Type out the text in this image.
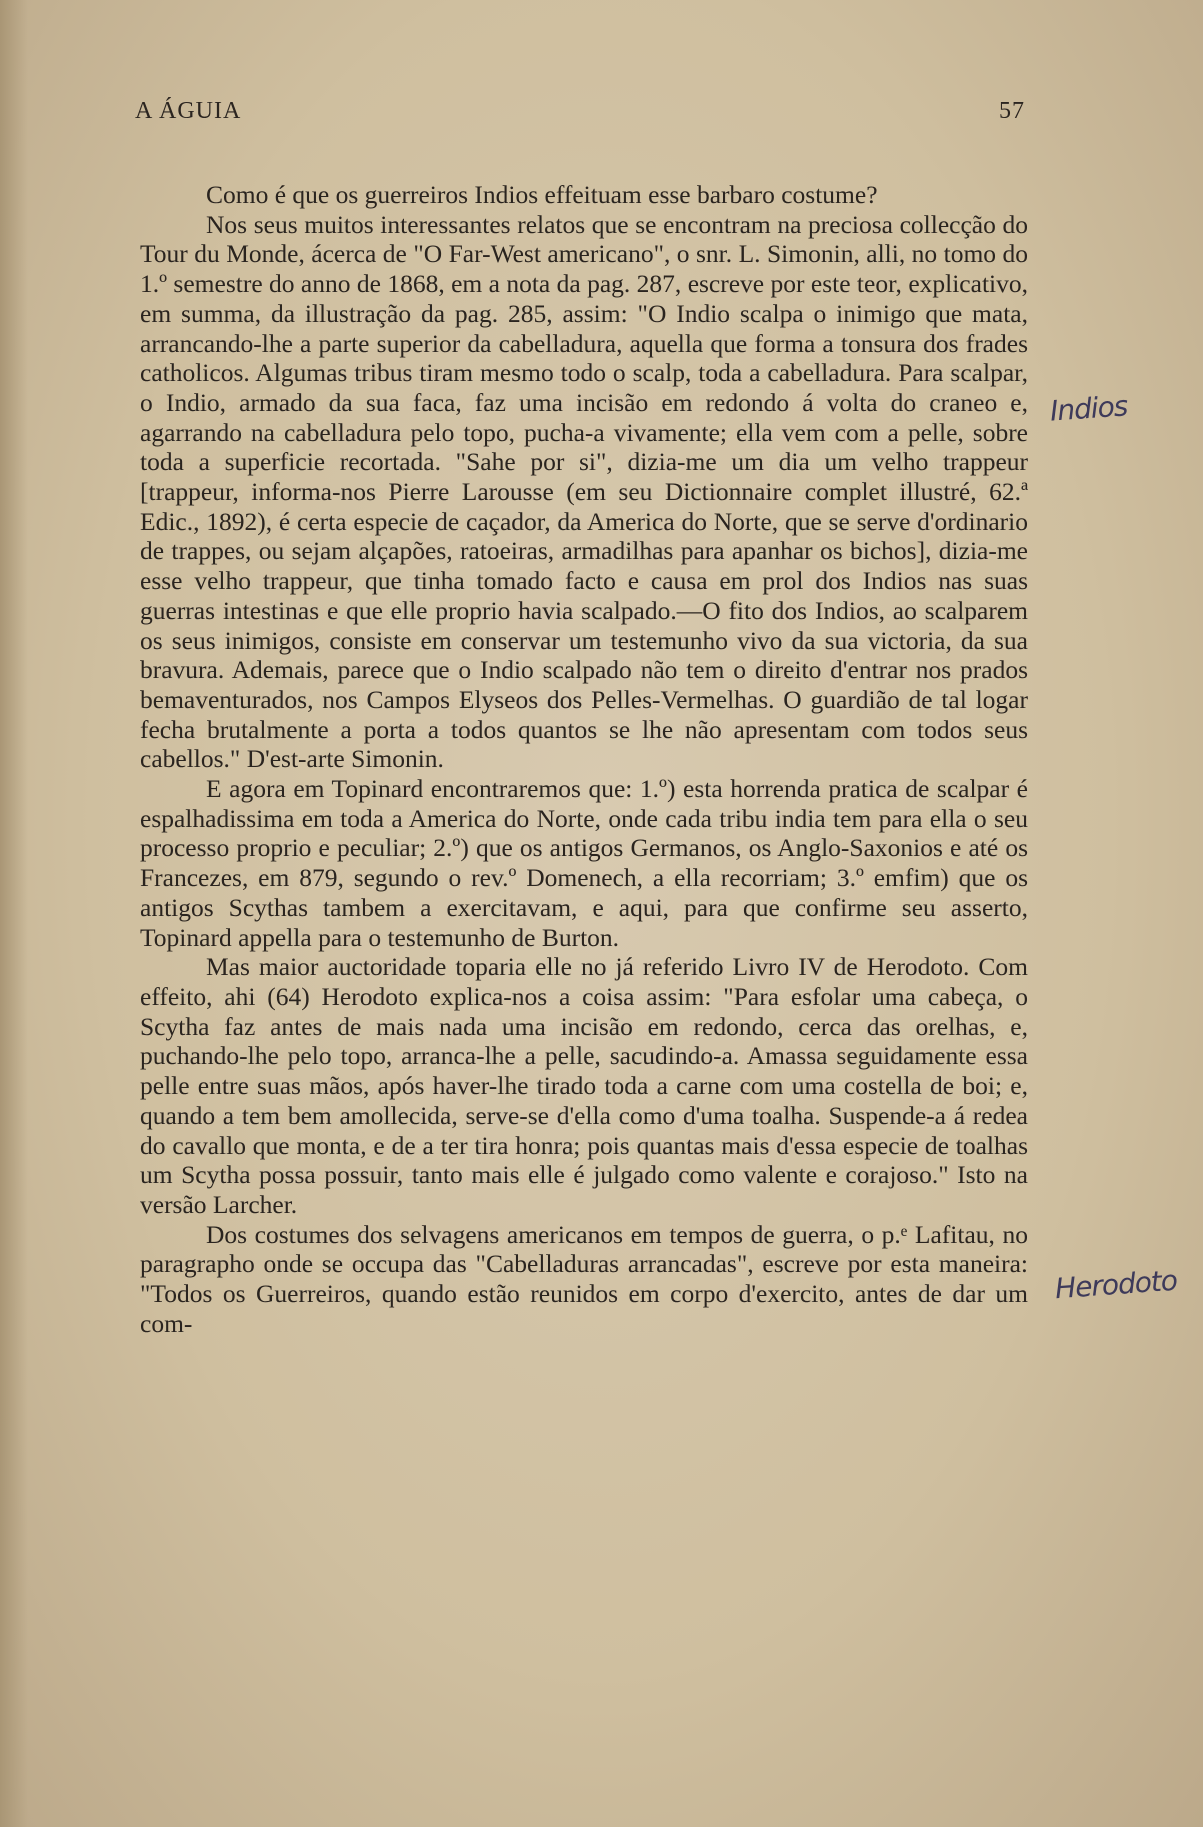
A ÁGUIA	57

Como é que os guerreiros Indios effeituam esse barbaro costume?

Nos seus muitos interessantes relatos que se encontram na preciosa collecção do Tour du Monde, ácerca de "O Far-West americano", o snr. L. Simonin, alli, no tomo do 1.º semestre do anno de 1868, em a nota da pag. 287, escreve por este teor, explicativo, em summa, da illustração da pag. 285, assim: "O Indio scalpa o inimigo que mata, arrancando-lhe a parte superior da cabelladura, aquella que forma a tonsura dos frades catholicos. Algumas tribus tiram mesmo todo o scalp, toda a cabelladura. Para scalpar, o Indio, armado da sua faca, faz uma incisão em redondo á volta do craneo e, agarrando na cabelladura pelo topo, pucha-a vivamente; ella vem com a pelle, sobre toda a superficie recortada. "Sahe por si", dizia-me um dia um velho trappeur [trappeur, informa-nos Pierre Larousse (em seu Dictionnaire complet illustré, 62.ª Edic., 1892), é certa especie de caçador, da America do Norte, que se serve d'ordinario de trappes, ou sejam alçapões, ratoeiras, armadilhas para apanhar os bichos], dizia-me esse velho trappeur, que tinha tomado facto e causa em prol dos Indios nas suas guerras intestinas e que elle proprio havia scalpado.—O fito dos Indios, ao scalparem os seus inimigos, consiste em conservar um testemunho vivo da sua victoria, da sua bravura. Ademais, parece que o Indio scalpado não tem o direito d'entrar nos prados bemaventurados, nos Campos Elyseos dos Pelles-Vermelhas. O guardião de tal logar fecha brutalmente a porta a todos quantos se lhe não apresentam com todos seus cabellos." D'est-arte Simonin.

E agora em Topinard encontraremos que: 1.º) esta horrenda pratica de scalpar é espalhadissima em toda a America do Norte, onde cada tribu india tem para ella o seu processo proprio e peculiar; 2.º) que os antigos Germanos, os Anglo-Saxonios e até os Francezes, em 879, segundo o rev.º Domenech, a ella recorriam; 3.º emfim) que os antigos Scythas tambem a exercitavam, e aqui, para que confirme seu asserto, Topinard appella para o testemunho de Burton.

Mas maior auctoridade toparia elle no já referido Livro IV de Herodoto. Com effeito, ahi (64) Herodoto explica-nos a coisa assim: "Para esfolar uma cabeça, o Scytha faz antes de mais nada uma incisão em redondo, cerca das orelhas, e, puchando-lhe pelo topo, arranca-lhe a pelle, sacudindo-a. Amassa seguidamente essa pelle entre suas mãos, após haver-lhe tirado toda a carne com uma costella de boi; e, quando a tem bem amollecida, serve-se d'ella como d'uma toalha. Suspende-a á redea do cavallo que monta, e de a ter tira honra; pois quantas mais d'essa especie de toalhas um Scytha possa possuir, tanto mais elle é julgado como valente e corajoso." Isto na versão Larcher.

Dos costumes dos selvagens americanos em tempos de guerra, o p.ᵉ Lafitau, no paragrapho onde se occupa das "Cabelladuras arrancadas", escreve por esta maneira: "Todos os Guerreiros, quando estão reunidos em corpo d'exercito, antes de dar um com-

Indios
Herodoto
